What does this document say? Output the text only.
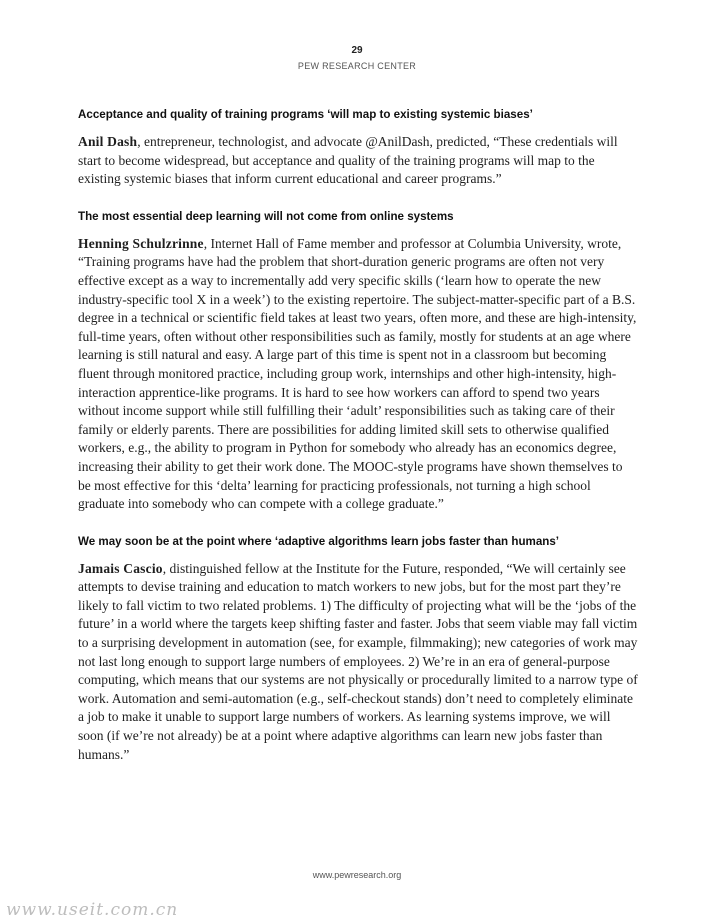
29
PEW RESEARCH CENTER
Acceptance and quality of training programs ‘will map to existing systemic biases’

Anil Dash, entrepreneur, technologist, and advocate @AnilDash, predicted, “These credentials will start to become widespread, but acceptance and quality of the training programs will map to the existing systemic biases that inform current educational and career programs.”

The most essential deep learning will not come from online systems

Henning Schulzrinne, Internet Hall of Fame member and professor at Columbia University, wrote, “Training programs have had the problem that short-duration generic programs are often not very effective except as a way to incrementally add very specific skills (‘learn how to operate the new industry-specific tool X in a week’) to the existing repertoire. The subject-matter-specific part of a B.S. degree in a technical or scientific field takes at least two years, often more, and these are high-intensity, full-time years, often without other responsibilities such as family, mostly for students at an age where learning is still natural and easy. A large part of this time is spent not in a classroom but becoming fluent through monitored practice, including group work, internships and other high-intensity, high-interaction apprentice-like programs. It is hard to see how workers can afford to spend two years without income support while still fulfilling their ‘adult’ responsibilities such as taking care of their family or elderly parents. There are possibilities for adding limited skill sets to otherwise qualified workers, e.g., the ability to program in Python for somebody who already has an economics degree, increasing their ability to get their work done. The MOOC-style programs have shown themselves to be most effective for this ‘delta’ learning for practicing professionals, not turning a high school graduate into somebody who can compete with a college graduate.”

We may soon be at the point where ‘adaptive algorithms learn jobs faster than humans’

Jamais Cascio, distinguished fellow at the Institute for the Future, responded, “We will certainly see attempts to devise training and education to match workers to new jobs, but for the most part they’re likely to fall victim to two related problems. 1) The difficulty of projecting what will be the ‘jobs of the future’ in a world where the targets keep shifting faster and faster. Jobs that seem viable may fall victim to a surprising development in automation (see, for example, filmmaking); new categories of work may not last long enough to support large numbers of employees. 2) We’re in an era of general-purpose computing, which means that our systems are not physically or procedurally limited to a narrow type of work. Automation and semi-automation (e.g., self-checkout stands) don’t need to completely eliminate a job to make it unable to support large numbers of workers. As learning systems improve, we will soon (if we’re not already) be at a point where adaptive algorithms can learn new jobs faster than humans.”

www.pewresearch.org
www.useit.com.cn
